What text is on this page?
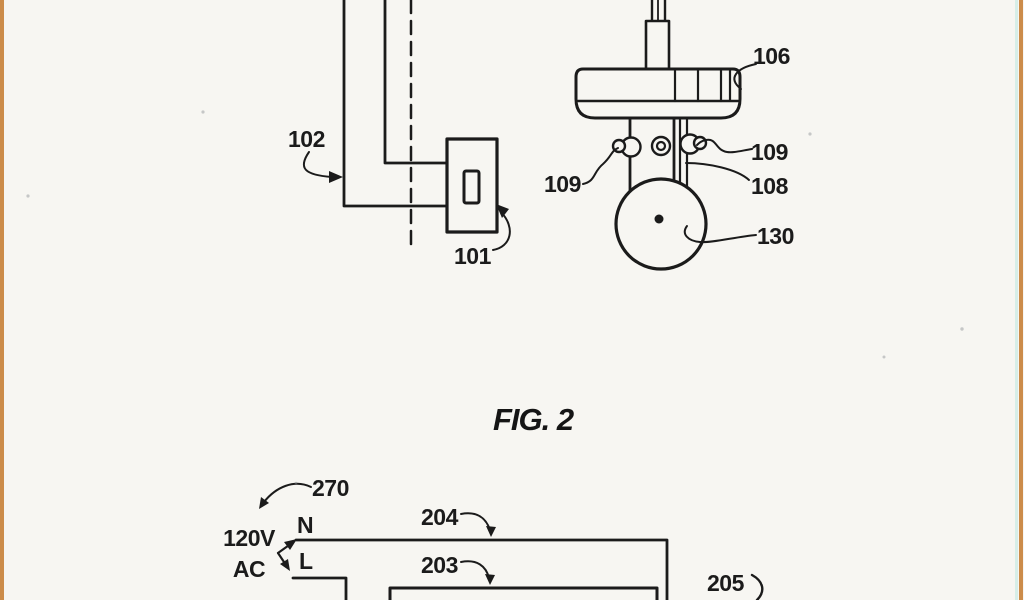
102
101
106
109
108
130
109
FIG. 2
270
120V
AC
N
L
204
203
205
